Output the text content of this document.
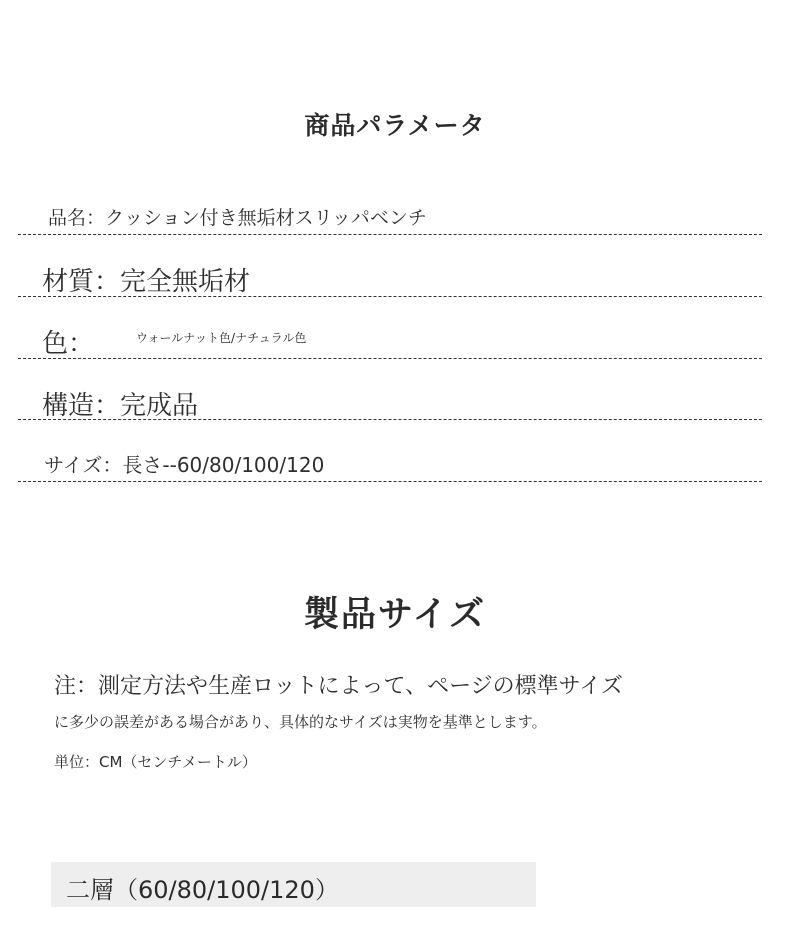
商品パラメータ
品名：クッション付き無垢材スリッパベンチ
材質：完全無垢材
色：	ウォールナット色/ナチュラル色
構造：完成品
サイズ：長さ--60/80/100/120
製品サイズ
注：測定方法や生産ロットによって、ページの標準サイズ
に多少の誤差がある場合があり、具体的なサイズは実物を基準とします。
単位：CM（センチメートル）
二層（60/80/100/120）
